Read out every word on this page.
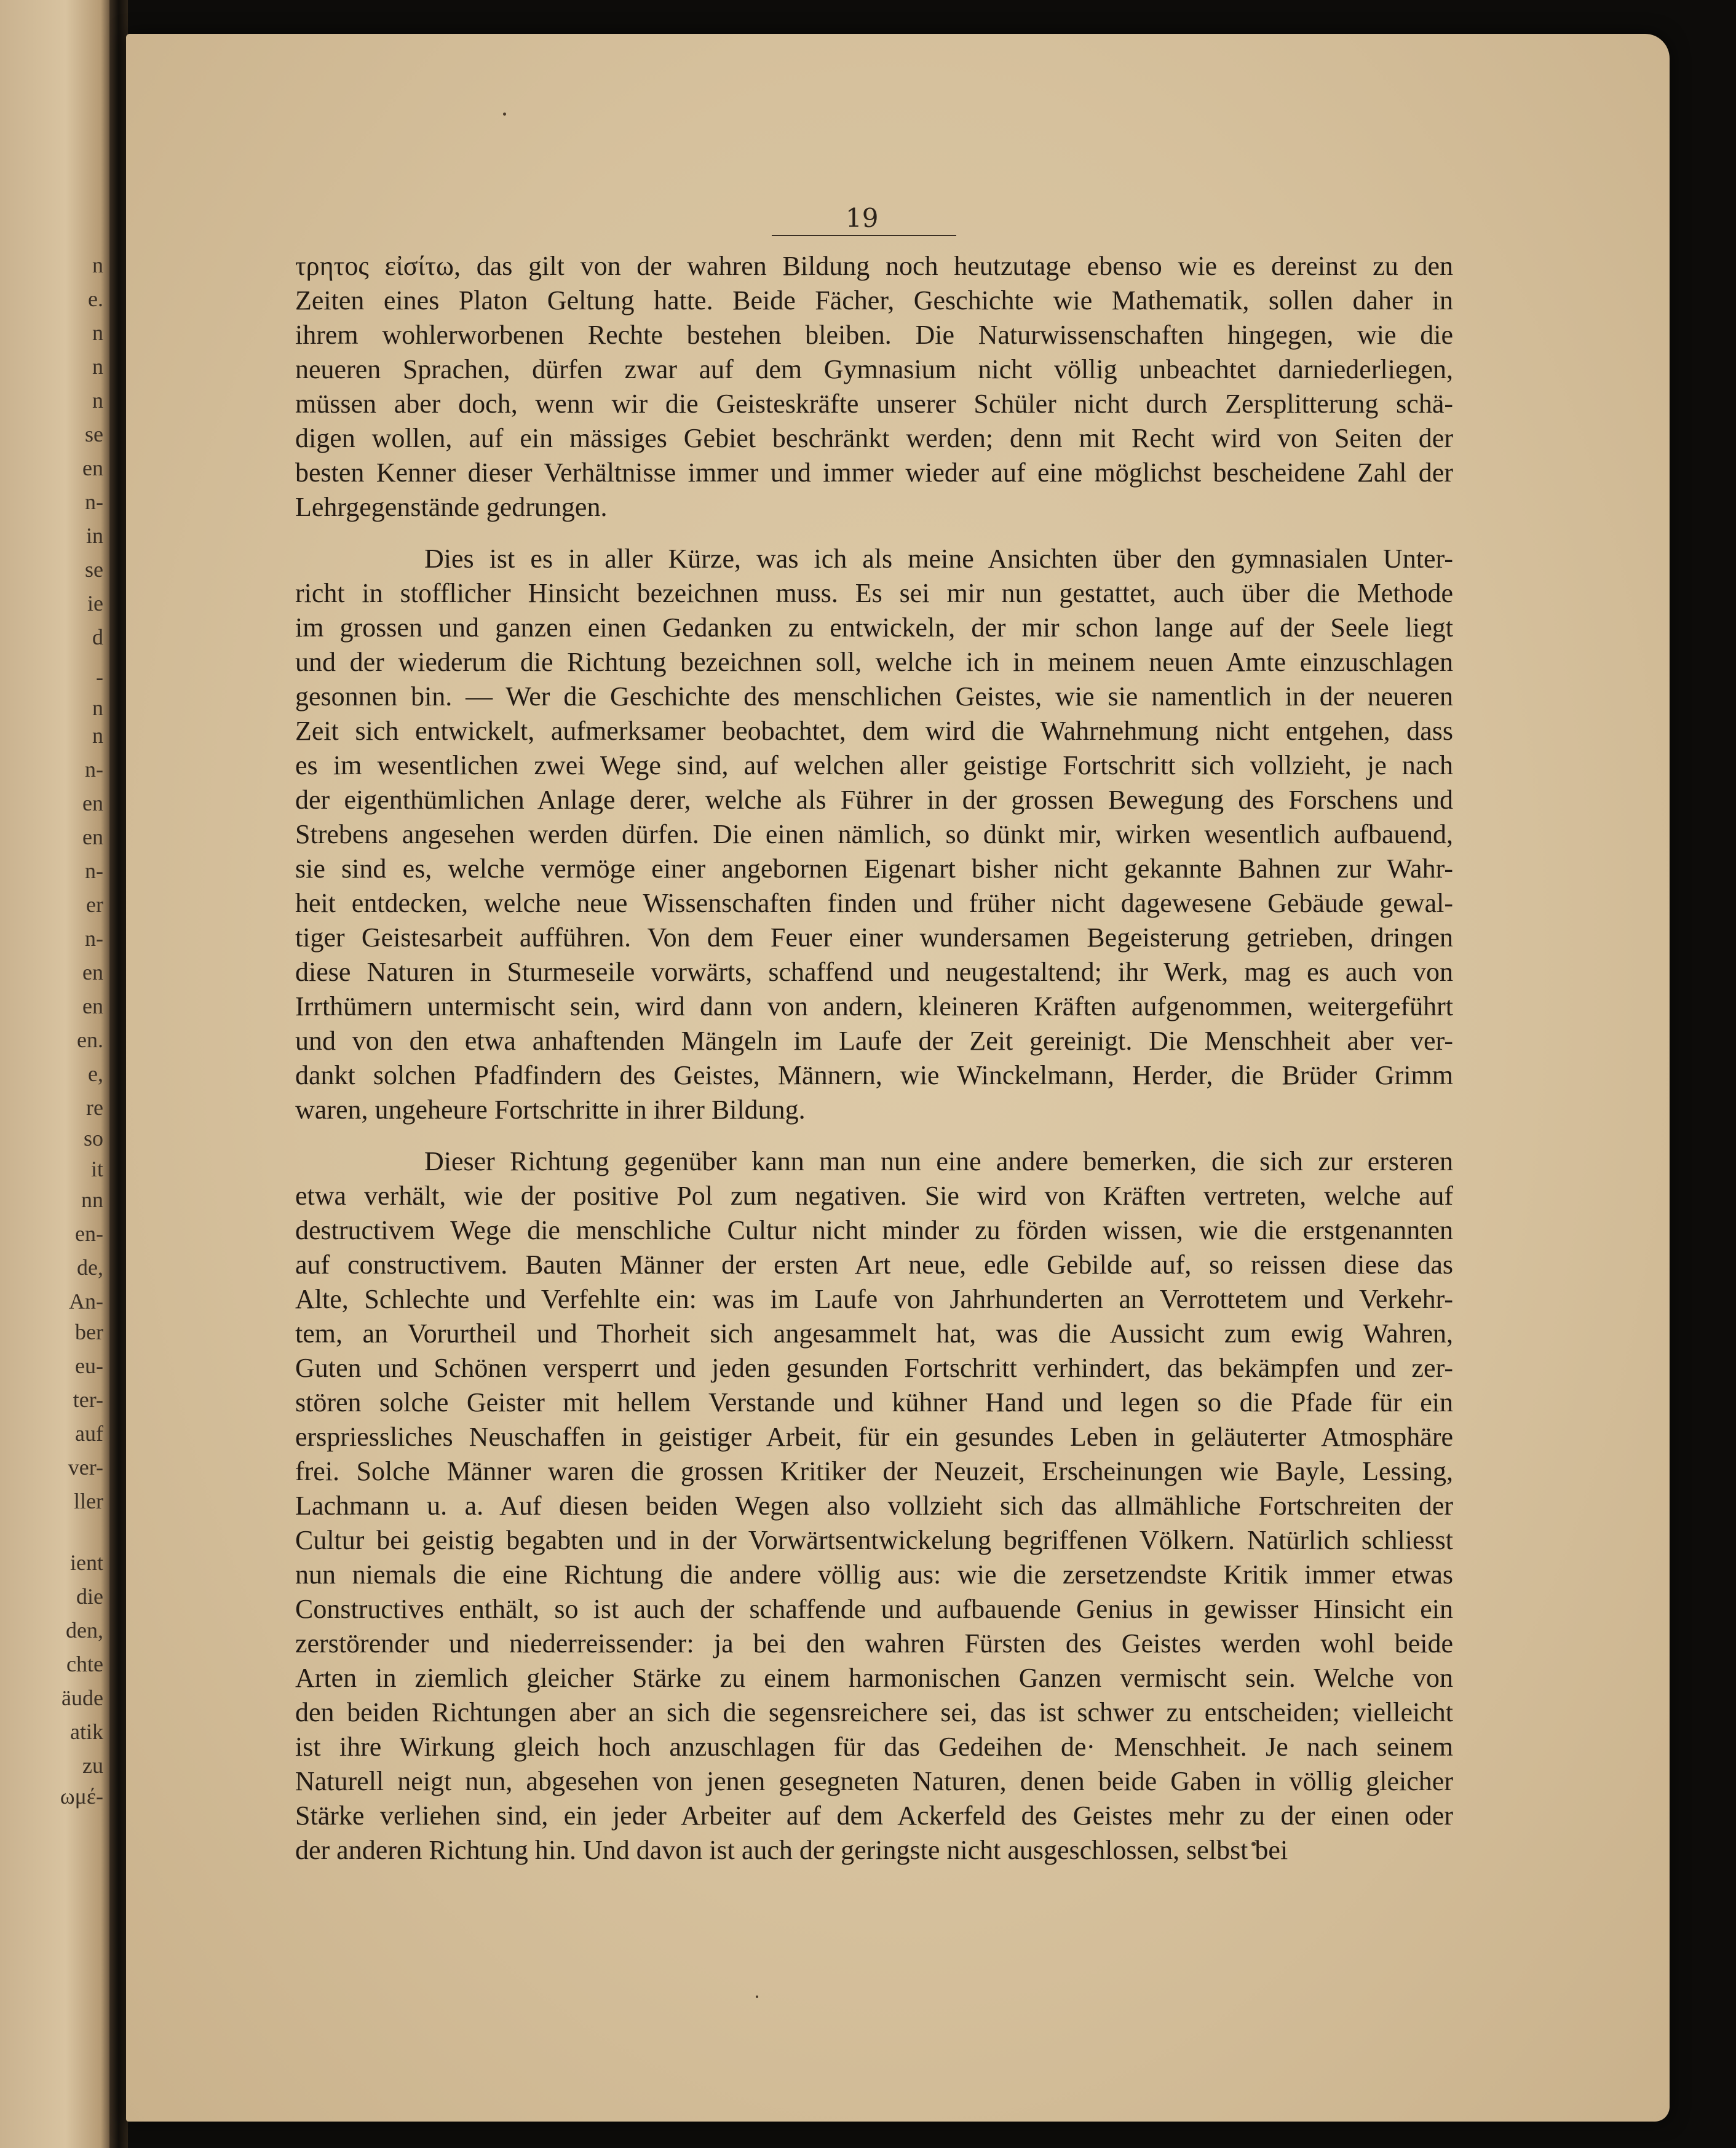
n

e.

n

n

n

se

en

n-

in

se

ie

d

-

n

n

n-

en

en

n-

er

n-

en

en

en.

e,

re

so

it

nn

en-

de,

An-

ber

eu-

ter-

auf

ver-

ller

ient

die

den,

chte

äude

atik

zu

ωμέ-

19
τρητος εἰσίτω, das gilt von der wahren Bildung noch heutzutage ebenso wie es dereinst zu den
Zeiten eines Platon Geltung hatte. Beide Fächer, Geschichte wie Mathematik, sollen daher in
ihrem wohlerworbenen Rechte bestehen bleiben. Die Naturwissenschaften hingegen, wie die
neueren Sprachen, dürfen zwar auf dem Gymnasium nicht völlig unbeachtet darniederliegen,
müssen aber doch, wenn wir die Geisteskräfte unserer Schüler nicht durch Zersplitterung schä-
digen wollen, auf ein mässiges Gebiet beschränkt werden; denn mit Recht wird von Seiten der
besten Kenner dieser Verhältnisse immer und immer wieder auf eine möglichst bescheidene Zahl der
Lehrgegenstände gedrungen.
Dies ist es in aller Kürze, was ich als meine Ansichten über den gymnasialen Unter-
richt in stofflicher Hinsicht bezeichnen muss. Es sei mir nun gestattet, auch über die Methode
im grossen und ganzen einen Gedanken zu entwickeln, der mir schon lange auf der Seele liegt
und der wiederum die Richtung bezeichnen soll, welche ich in meinem neuen Amte einzuschlagen
gesonnen bin. — Wer die Geschichte des menschlichen Geistes, wie sie namentlich in der neueren
Zeit sich entwickelt, aufmerksamer beobachtet, dem wird die Wahrnehmung nicht entgehen, dass
es im wesentlichen zwei Wege sind, auf welchen aller geistige Fortschritt sich vollzieht, je nach
der eigenthümlichen Anlage derer, welche als Führer in der grossen Bewegung des Forschens und
Strebens angesehen werden dürfen. Die einen nämlich, so dünkt mir, wirken wesentlich aufbauend,
sie sind es, welche vermöge einer angebornen Eigenart bisher nicht gekannte Bahnen zur Wahr-
heit entdecken, welche neue Wissenschaften finden und früher nicht dagewesene Gebäude gewal-
tiger Geistesarbeit aufführen. Von dem Feuer einer wundersamen Begeisterung getrieben, dringen
diese Naturen in Sturmeseile vorwärts, schaffend und neugestaltend; ihr Werk, mag es auch von
Irrthümern untermischt sein, wird dann von andern, kleineren Kräften aufgenommen, weitergeführt
und von den etwa anhaftenden Mängeln im Laufe der Zeit gereinigt. Die Menschheit aber ver-
dankt solchen Pfadfindern des Geistes, Männern, wie Winckelmann, Herder, die Brüder Grimm
waren, ungeheure Fortschritte in ihrer Bildung.
Dieser Richtung gegenüber kann man nun eine andere bemerken, die sich zur ersteren
etwa verhält, wie der positive Pol zum negativen. Sie wird von Kräften vertreten, welche auf
destructivem Wege die menschliche Cultur nicht minder zu förden wissen, wie die erstgenannten
auf constructivem. Bauten Männer der ersten Art neue, edle Gebilde auf, so reissen diese das
Alte, Schlechte und Verfehlte ein: was im Laufe von Jahrhunderten an Verrottetem und Verkehr-
tem, an Vorurtheil und Thorheit sich angesammelt hat, was die Aussicht zum ewig Wahren,
Guten und Schönen versperrt und jeden gesunden Fortschritt verhindert, das bekämpfen und zer-
stören solche Geister mit hellem Verstande und kühner Hand und legen so die Pfade für ein
erspriessliches Neuschaffen in geistiger Arbeit, für ein gesundes Leben in geläuterter Atmosphäre
frei. Solche Männer waren die grossen Kritiker der Neuzeit, Erscheinungen wie Bayle, Lessing,
Lachmann u. a. Auf diesen beiden Wegen also vollzieht sich das allmähliche Fortschreiten der
Cultur bei geistig begabten und in der Vorwärtsentwickelung begriffenen Völkern. Natürlich schliesst
nun niemals die eine Richtung die andere völlig aus: wie die zersetzendste Kritik immer etwas
Constructives enthält, so ist auch der schaffende und aufbauende Genius in gewisser Hinsicht ein
zerstörender und niederreissender: ja bei den wahren Fürsten des Geistes werden wohl beide
Arten in ziemlich gleicher Stärke zu einem harmonischen Ganzen vermischt sein. Welche von
den beiden Richtungen aber an sich die segensreichere sei, das ist schwer zu entscheiden; vielleicht
ist ihre Wirkung gleich hoch anzuschlagen für das Gedeihen de· Menschheit. Je nach seinem
Naturell neigt nun, abgesehen von jenen gesegneten Naturen, denen beide Gaben in völlig gleicher
Stärke verliehen sind, ein jeder Arbeiter auf dem Ackerfeld des Geistes mehr zu der einen oder
der anderen Richtung hin. Und davon ist auch der geringste nicht ausgeschlossen, selbst bei
